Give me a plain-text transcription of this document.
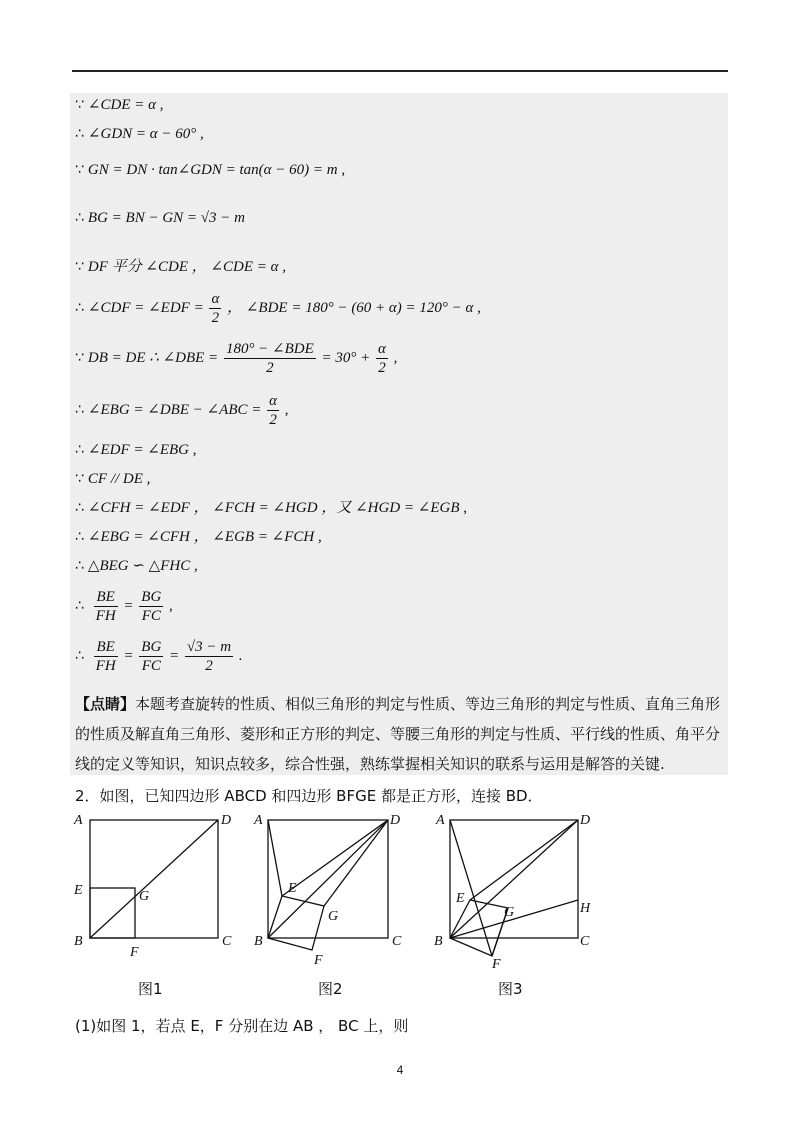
∵ ∠CDE = α ,
∴ ∠GDN = α − 60° ,
∵ GN = DN · tan∠GDN = tan(α − 60) = m ,
∴ BG = BN − GN = √3 − m
∵ DF 平分 ∠CDE ， ∠CDE = α ,
∴ ∠CDF = ∠EDF = $\frac{\alpha}{2}$ ， ∠BDE = 180° − (60 + α) = 120° − α ,
∵ DB = DE ∴ ∠DBE = $\frac{\text{180° − ∠BDE}}{2} = 30^\circ + \frac{\alpha}{2}$ ,
∴ ∠EBG = ∠DBE − ∠ABC = $\frac{\alpha}{2}$ ,
∴ ∠EDF = ∠EBG ,
∵ CF // DE ,
∴ ∠CFH = ∠EDF ， ∠FCH = ∠HGD ，又 ∠HGD = ∠EGB ,
∴ ∠EBG = ∠CFH ， ∠EGB = ∠FCH ,
∴ △BEG ∽ △FHC ,
∴ $\frac{BE}{FH} = \frac{BG}{FC}$ ,
∴ $\frac{BE}{FH} = \frac{BG}{FC} = \frac{√3 - m}{2}$ .
【点睛】本题考查旋转的性质、相似三角形的判定与性质、等边三角形的判定与性质、直角三角形的性质及解直角三角形、菱形和正方形的判定、等腰三角形的判定与性质、平行线的性质、角平分线的定义等知识，知识点较多，综合性强，熟练掌握相关知识的联系与运用是解答的关键.
2．如图，已知四边形 ABCD 和四边形 BFGE 都是正方形，连接 BD．
A	D
E	G
B
F
C
A	D
E
G
B
F
C
A	D
E
G	H
B
F
C
图1	图2	图3
(1)如图 1，若点 E，F 分别在边 AB ， BC 上，则
4
